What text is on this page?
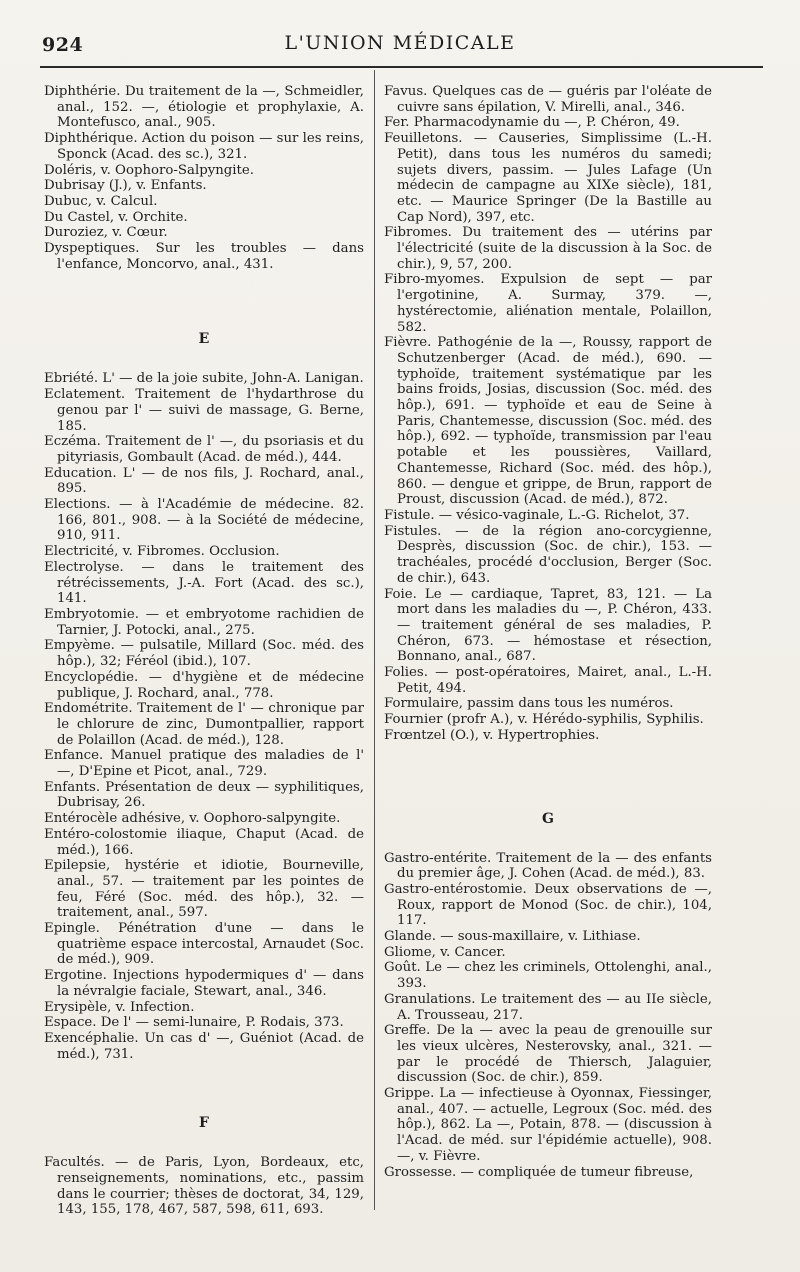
924	L'UNION MÉDICALE

Diphthérie. Du traitement de la —, Schmeidler, anal., 152. —, étiologie et prophylaxie, A. Montefusco, anal., 905.

Diphthérique. Action du poison — sur les reins, Sponck (Acad. des sc.), 321.

Doléris, v. Oophoro-Salpyngite.

Dubrisay (J.), v. Enfants.

Dubuc, v. Calcul.

Du Castel, v. Orchite.

Duroziez, v. Cœur.

Dyspeptiques. Sur les troubles — dans l'enfance, Moncorvo, anal., 431.

E

Ebriété. L' — de la joie subite, John-A. Lanigan.

Eclatement. Traitement de l'hydarthrose du genou par l' — suivi de massage, G. Berne, 185.

Eczéma. Traitement de l' —, du psoriasis et du pityriasis, Gombault (Acad. de méd.), 444.

Education. L' — de nos fils, J. Rochard, anal., 895.

Elections. — à l'Académie de médecine. 82. 166, 801., 908. — à la Société de médecine, 910, 911.

Electricité, v. Fibromes. Occlusion.

Electrolyse. — dans le traitement des rétrécissements, J.-A. Fort (Acad. des sc.), 141.

Embryotomie. — et embryotome rachidien de Tarnier, J. Potocki, anal., 275.

Empyème. — pulsatile, Millard (Soc. méd. des hôp.), 32; Féréol (ibid.), 107.

Encyclopédie. — d'hygiène et de médecine publique, J. Rochard, anal., 778.

Endométrite. Traitement de l' — chronique par le chlorure de zinc, Dumontpallier, rapport de Polaillon (Acad. de méd.), 128.

Enfance. Manuel pratique des maladies de l' —, D'Epine et Picot, anal., 729.

Enfants. Présentation de deux — syphilitiques, Dubrisay, 26.

Entérocèle adhésive, v. Oophoro-salpyngite.

Entéro-colostomie iliaque, Chaput (Acad. de méd.), 166.

Epilepsie, hystérie et idiotie, Bourneville, anal., 57. — traitement par les pointes de feu, Féré (Soc. méd. des hôp.), 32. — traitement, anal., 597.

Epingle. Pénétration d'une — dans le quatrième espace intercostal, Arnaudet (Soc. de méd.), 909.

Ergotine. Injections hypodermiques d' — dans la névralgie faciale, Stewart, anal., 346.

Erysipèle, v. Infection.

Espace. De l' — semi-lunaire, P. Rodais, 373.

Exencéphalie. Un cas d' —, Guéniot (Acad. de méd.), 731.

F

Facultés. — de Paris, Lyon, Bordeaux, etc, renseignements, nominations, etc., passim dans le courrier; thèses de doctorat, 34, 129, 143, 155, 178, 467, 587, 598, 611, 693.

Favus. Quelques cas de — guéris par l'oléate de cuivre sans épilation, V. Mirelli, anal., 346.

Fer. Pharmacodynamie du —, P. Chéron, 49.

Feuilletons. — Causeries, Simplissime (L.-H. Petit), dans tous les numéros du samedi; sujets divers, passim. — Jules Lafage (Un médecin de campagne au XIXe siècle), 181, etc. — Maurice Springer (De la Bastille au Cap Nord), 397, etc.

Fibromes. Du traitement des — utérins par l'électricité (suite de la discussion à la Soc. de chir.), 9, 57, 200.

Fibro-myomes. Expulsion de sept — par l'ergotinine, A. Surmay, 379. —, hystérectomie, aliénation mentale, Polaillon, 582.

Fièvre. Pathogénie de la —, Roussy, rapport de Schutzenberger (Acad. de méd.), 690. — typhoïde, traitement systématique par les bains froids, Josias, discussion (Soc. méd. des hôp.), 691. — typhoïde et eau de Seine à Paris, Chantemesse, discussion (Soc. méd. des hôp.), 692. — typhoïde, transmission par l'eau potable et les poussières, Vaillard, Chantemesse, Richard (Soc. méd. des hôp.), 860. — dengue et grippe, de Brun, rapport de Proust, discussion (Acad. de méd.), 872.

Fistule. — vésico-vaginale, L.-G. Richelot, 37.

Fistules. — de la région ano-corcygienne, Desprès, discussion (Soc. de chir.), 153. — trachéales, procédé d'occlusion, Berger (Soc. de chir.), 643.

Foie. Le — cardiaque, Tapret, 83, 121. — La mort dans les maladies du —, P. Chéron, 433. — traitement général de ses maladies, P. Chéron, 673. — hémostase et résection, Bonnano, anal., 687.

Folies. — post-opératoires, Mairet, anal., L.-H. Petit, 494.

Formulaire, passim dans tous les numéros.

Fournier (profr A.), v. Hérédo-syphilis, Syphilis.

Frœntzel (O.), v. Hypertrophies.

G

Gastro-entérite. Traitement de la — des enfants du premier âge, J. Cohen (Acad. de méd.), 83.

Gastro-entérostomie. Deux observations de —, Roux, rapport de Monod (Soc. de chir.), 104, 117.

Glande. — sous-maxillaire, v. Lithiase.

Gliome, v. Cancer.

Goût. Le — chez les criminels, Ottolenghi, anal., 393.

Granulations. Le traitement des — au IIe siècle, A. Trousseau, 217.

Greffe. De la — avec la peau de grenouille sur les vieux ulcères, Nesterovsky, anal., 321. — par le procédé de Thiersch, Jalaguier, discussion (Soc. de chir.), 859.

Grippe. La — infectieuse à Oyonnax, Fiessinger, anal., 407. — actuelle, Legroux (Soc. méd. des hôp.), 862. La —, Potain, 878. — (discussion à l'Acad. de méd. sur l'épidémie actuelle), 908. —, v. Fièvre.

Grossesse. — compliquée de tumeur fibreuse,
